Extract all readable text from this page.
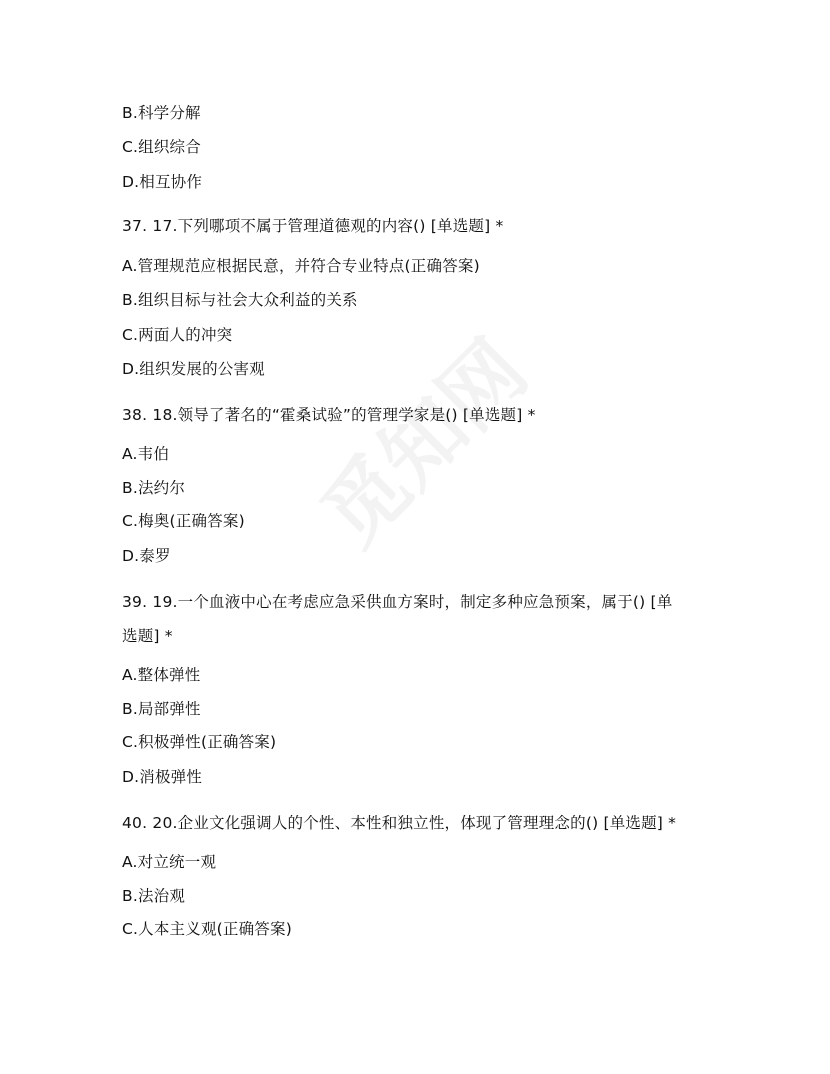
B.科学分解
C.组织综合
D.相互协作
37. 17.下列哪项不属于管理道德观的内容() [单选题] *
A.管理规范应根据民意，并符合专业特点(正确答案)
B.组织目标与社会大众利益的关系
C.两面人的冲突
D.组织发展的公害观
38. 18.领导了著名的“霍桑试验”的管理学家是() [单选题] *
A.韦伯
B.法约尔
C.梅奥(正确答案)
D.泰罗
39. 19.一个血液中心在考虑应急采供血方案时，制定多种应急预案，属于() [单
选题] *
A.整体弹性
B.局部弹性
C.积极弹性(正确答案)
D.消极弹性
40. 20.企业文化强调人的个性、本性和独立性，体现了管理理念的() [单选题] *
A.对立统一观
B.法治观
C.人本主义观(正确答案)
